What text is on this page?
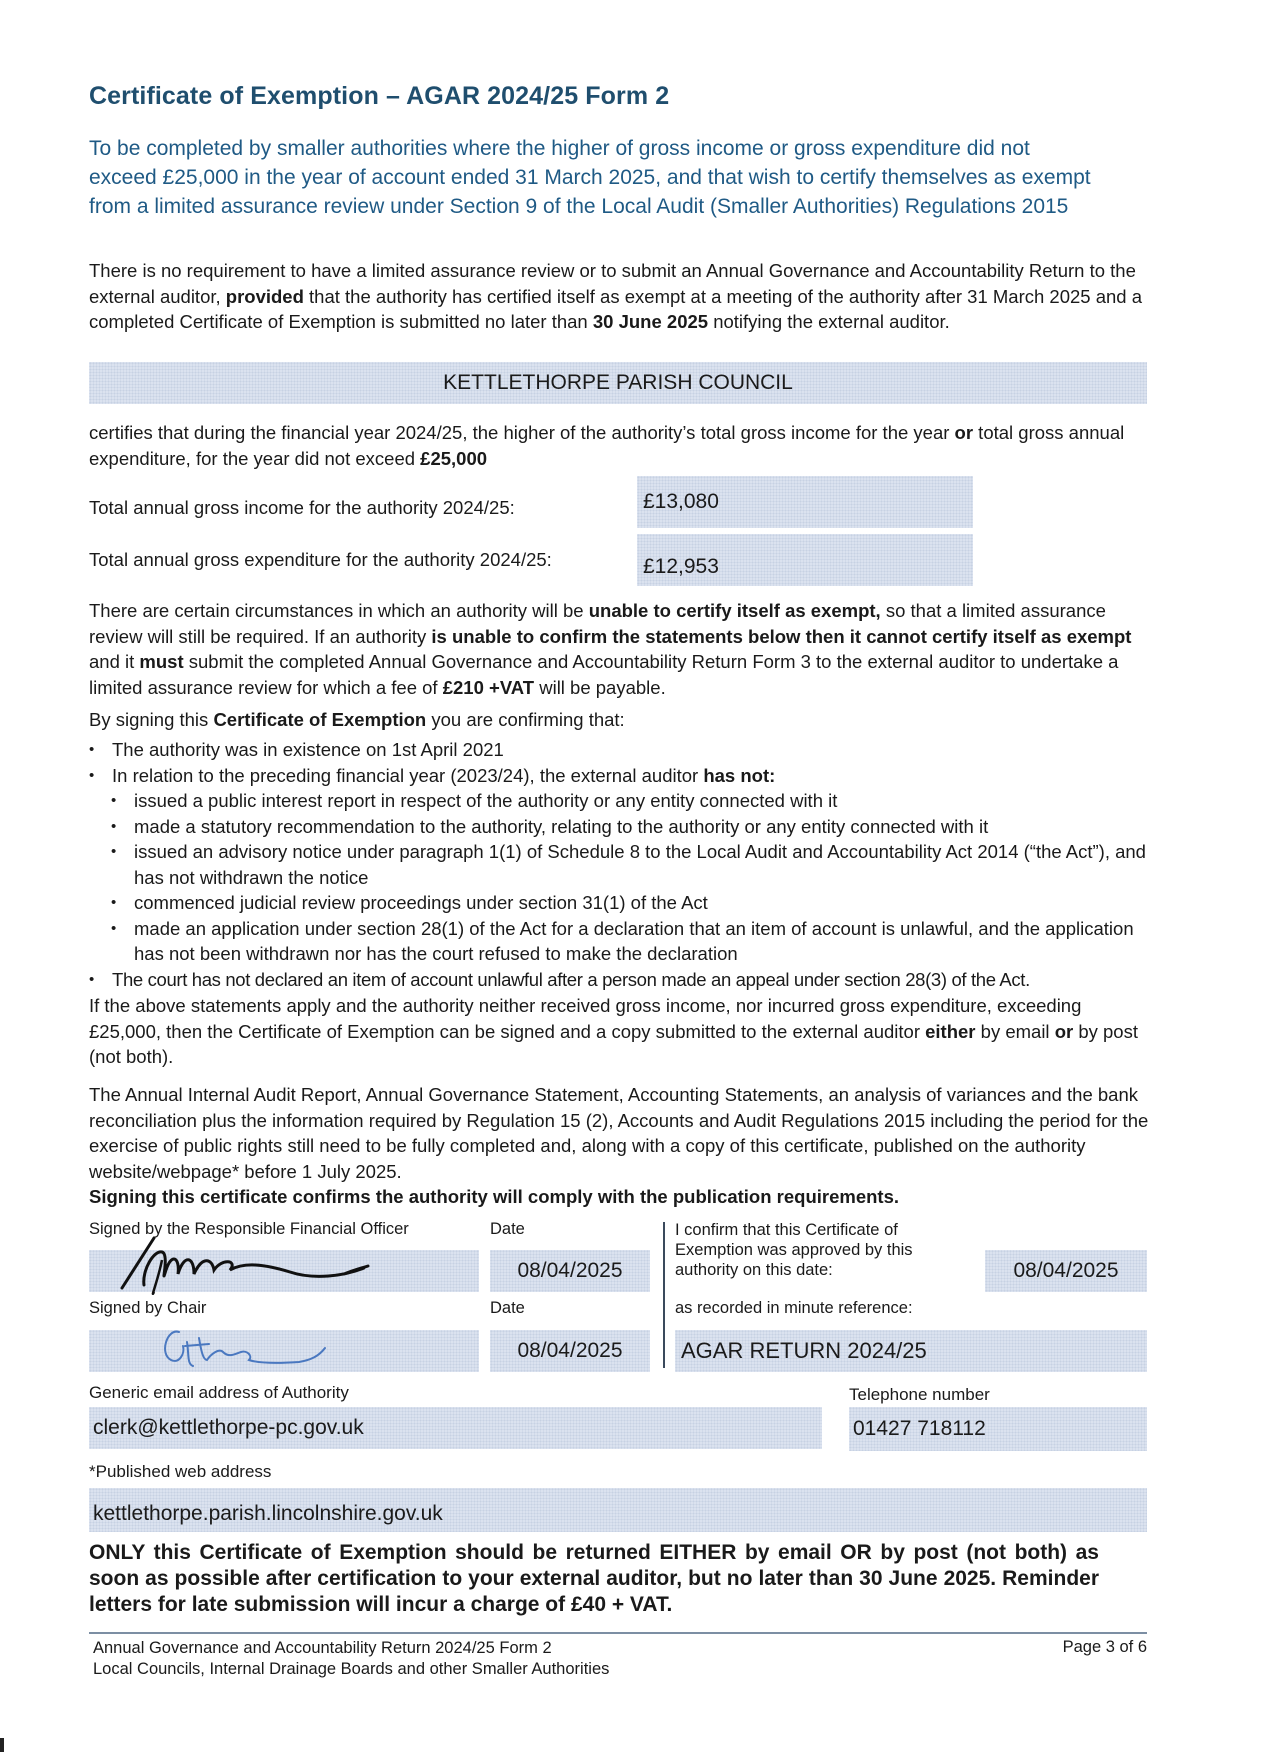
Certificate of Exemption – AGAR 2024/25 Form 2
To be completed by smaller authorities where the higher of gross income or gross expenditure did not exceed £25,000 in the year of account ended 31 March 2025, and that wish to certify themselves as exempt from a limited assurance review under Section 9 of the Local Audit (Smaller Authorities) Regulations 2015
There is no requirement to have a limited assurance review or to submit an Annual Governance and Accountability Return to the external auditor, provided that the authority has certified itself as exempt at a meeting of the authority after 31 March 2025 and a completed Certificate of Exemption is submitted no later than 30 June 2025 notifying the external auditor.
KETTLETHORPE PARISH COUNCIL
certifies that during the financial year 2024/25, the higher of the authority’s total gross income for the year or total gross annual expenditure, for the year did not exceed £25,000
Total annual gross income for the authority 2024/25:	£13,080
Total annual gross expenditure for the authority 2024/25:	£12,953
There are certain circumstances in which an authority will be unable to certify itself as exempt, so that a limited assurance review will still be required. If an authority is unable to confirm the statements below then it cannot certify itself as exempt and it must submit the completed Annual Governance and Accountability Return Form 3 to the external auditor to undertake a limited assurance review for which a fee of £210 +VAT will be payable.
By signing this Certificate of Exemption you are confirming that:
• The authority was in existence on 1st April 2021
• In relation to the preceding financial year (2023/24), the external auditor has not:
• issued a public interest report in respect of the authority or any entity connected with it
• made a statutory recommendation to the authority, relating to the authority or any entity connected with it
• issued an advisory notice under paragraph 1(1) of Schedule 8 to the Local Audit and Accountability Act 2014 (“the Act”), and has not withdrawn the notice
• commenced judicial review proceedings under section 31(1) of the Act
• made an application under section 28(1) of the Act for a declaration that an item of account is unlawful, and the application has not been withdrawn nor has the court refused to make the declaration
• The court has not declared an item of account unlawful after a person made an appeal under section 28(3) of the Act.
If the above statements apply and the authority neither received gross income, nor incurred gross expenditure, exceeding £25,000, then the Certificate of Exemption can be signed and a copy submitted to the external auditor either by email or by post (not both).
The Annual Internal Audit Report, Annual Governance Statement, Accounting Statements, an analysis of variances and the bank reconciliation plus the information required by Regulation 15 (2), Accounts and Audit Regulations 2015 including the period for the exercise of public rights still need to be fully completed and, along with a copy of this certificate, published on the authority website/webpage* before 1 July 2025.
Signing this certificate confirms the authority will comply with the publication requirements.
Signed by the Responsible Financial Officer	Date
08/04/2025
Signed by Chair	Date
08/04/2025
I confirm that this Certificate of Exemption was approved by this authority on this date:	08/04/2025
as recorded in minute reference:
AGAR RETURN 2024/25
Generic email address of Authority
clerk@kettlethorpe-pc.gov.uk
Telephone number
01427 718112
*Published web address
kettlethorpe.parish.lincolnshire.gov.uk
ONLY this Certificate of Exemption should be returned EITHER by email OR by post (not both) as soon as possible after certification to your external auditor, but no later than 30 June 2025. Reminder letters for late submission will incur a charge of £40 + VAT.
Annual Governance and Accountability Return 2024/25 Form 2
Local Councils, Internal Drainage Boards and other Smaller Authorities
Page 3 of 6
